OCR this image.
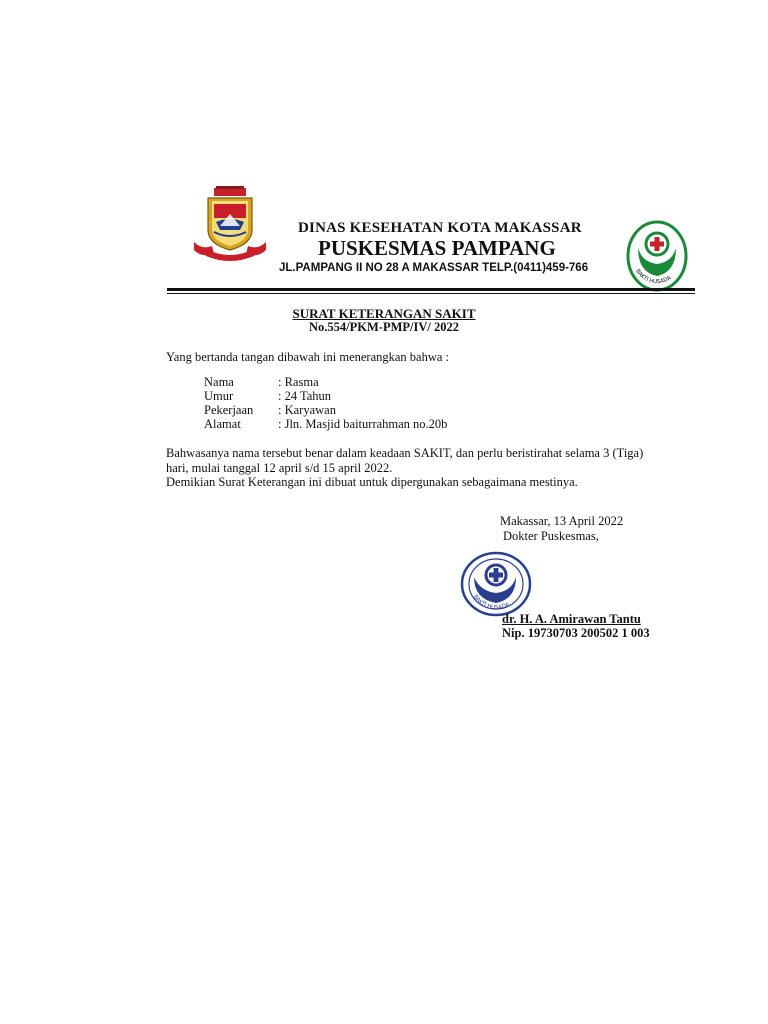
DINAS KESEHATAN KOTA MAKASSAR
PUSKESMAS PAMPANG
JL.PAMPANG II NO 28 A MAKASSAR TELP.(0411)459-766	BAKTI HUSADA
SURAT KETERANGAN SAKIT
No.554/PKM-PMP/IV/ 2022
Yang bertanda tangan dibawah ini menerangkan bahwa :
Nama	: Rasma
Umur	: 24 Tahun
Pekerjaan : Karyawan
Alamat	: Jln. Masjid baiturrahman no.20b
Bahwasanya nama tersebut benar dalam keadaan SAKIT, dan perlu beristirahat selama 3 (Tiga)
hari, mulai tanggal 12 april s/d 15 april 2022.
Demikian Surat Keterangan ini dibuat untuk dipergunakan sebagaimana mestinya.
Makassar, 13 April 2022
Dokter Puskesmas,
BAKTI HUSADA
dr. H. A. Amirawan Tantu
Nip. 19730703 200502 1 003
